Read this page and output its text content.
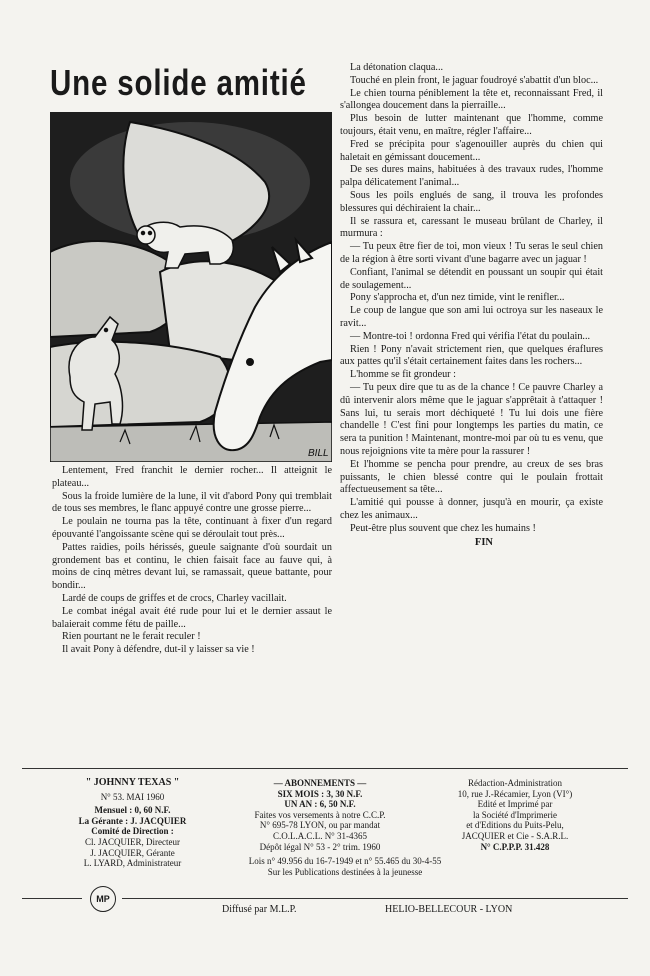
Une solide amitié
BILL

Lentement, Fred franchit le dernier rocher... Il atteignit le plateau...

Sous la froide lumière de la lune, il vit d'abord Pony qui tremblait de tous ses membres, le flanc appuyé contre une grosse pierre...

Le poulain ne tourna pas la tête, continuant à fixer d'un regard épouvanté l'angoissante scène qui se déroulait tout près...

Pattes raidies, poils hérissés, gueule saignante d'où sourdait un grondement bas et continu, le chien faisait face au fauve qui, à moins de cinq mètres devant lui, se ramassait, queue battante, pour bondir...

Lardé de coups de griffes et de crocs, Charley vacillait.

Le combat inégal avait été rude pour lui et le dernier assaut le balaierait comme fétu de paille...

Rien pourtant ne le ferait reculer !

Il avait Pony à défendre, dut-il y laisser sa vie !

La détonation claqua...

Touché en plein front, le jaguar foudroyé s'abattit d'un bloc...

Le chien tourna péniblement la tête et, reconnaissant Fred, il s'allongea doucement dans la pierraille...

Plus besoin de lutter maintenant que l'homme, comme toujours, était venu, en maître, régler l'affaire...

Fred se précipita pour s'agenouiller auprès du chien qui haletait en gémissant doucement...

De ses dures mains, habituées à des travaux rudes, l'homme palpa délicatement l'animal...

Sous les poils englués de sang, il trouva les profondes blessures qui déchiraient la chair...

Il se rassura et, caressant le museau brûlant de Charley, il murmura :

— Tu peux être fier de toi, mon vieux ! Tu seras le seul chien de la région à être sorti vivant d'une bagarre avec un jaguar !

Confiant, l'animal se détendit en poussant un soupir qui était de soulagement...

Pony s'approcha et, d'un nez timide, vint le renifler...

Le coup de langue que son ami lui octroya sur les naseaux le ravit...

— Montre-toi ! ordonna Fred qui vérifia l'état du poulain...

Rien ! Pony n'avait strictement rien, que quelques éraflures aux pattes qu'il s'était certainement faites dans les rochers...

L'homme se fit grondeur :

— Tu peux dire que tu as de la chance ! Ce pauvre Charley a dû intervenir alors même que le jaguar s'apprêtait à t'attaquer ! Sans lui, tu serais mort déchiqueté ! Tu lui dois une fière chandelle ! C'est fini pour longtemps les parties du matin, ce sera ta punition ! Maintenant, montre-moi par où tu es venu, que nous rejoignions vite ta mère pour la rassurer !

Et l'homme se pencha pour prendre, au creux de ses bras puissants, le chien blessé contre qui le poulain frottait affectueusement sa tête...

L'amitié qui pousse à donner, jusqu'à en mourir, ça existe chez les animaux...

Peut-être plus souvent que chez les humains !

FIN
" JOHNNY TEXAS "
N° 53. MAI 1960
Mensuel : 0, 60 N.F.
La Gérante : J. JACQUIER
Comité de Direction :
Cl. JACQUIER, Directeur
J. JACQUIER, Gérante
L. LYARD, Administrateur
— ABONNEMENTS —
SIX MOIS : 3, 30 N.F.
UN AN : 6, 50 N.F.
Faites vos versements à notre C.C.P.
N° 695-78 LYON, ou par mandat
C.O.L.A.C.L. N° 31-4365
Dépôt légal N° 53 - 2° trim. 1960
Rédaction-Administration
10, rue J.-Récamier, Lyon (VI°)
Edité et Imprimé par
la Société d'Imprimerie
et d'Editions du Puits-Pelu,
JACQUIER et Cie - S.A.R.L.
N° C.P.P.P. 31.428
Lois n° 49.956 du 16-7-1949 et n° 55.465 du 30-4-55
Sur les Publications destinées à la jeunesse
MP
Diffusé par M.L.P.	HELIO-BELLECOUR - LYON
